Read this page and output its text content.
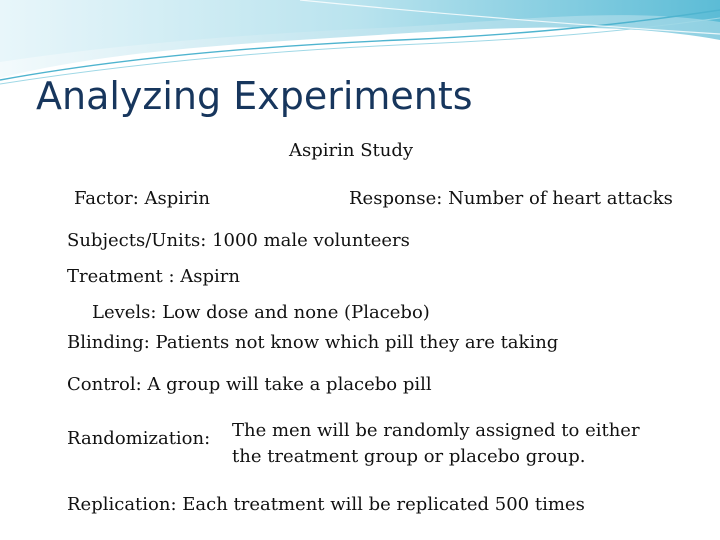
Analyzing Experiments
Aspirin Study
Factor: Aspirin	Response: Number of heart attacks
Subjects/Units: 1000 male volunteers
Treatment : Aspirn
Levels: Low dose and none (Placebo)
Blinding: Patients not know which pill they are taking
Control: A group will take a placebo pill
Randomization: The men will be randomly assigned to either
the treatment group or placebo group.
Replication: Each treatment will be replicated 500 times
